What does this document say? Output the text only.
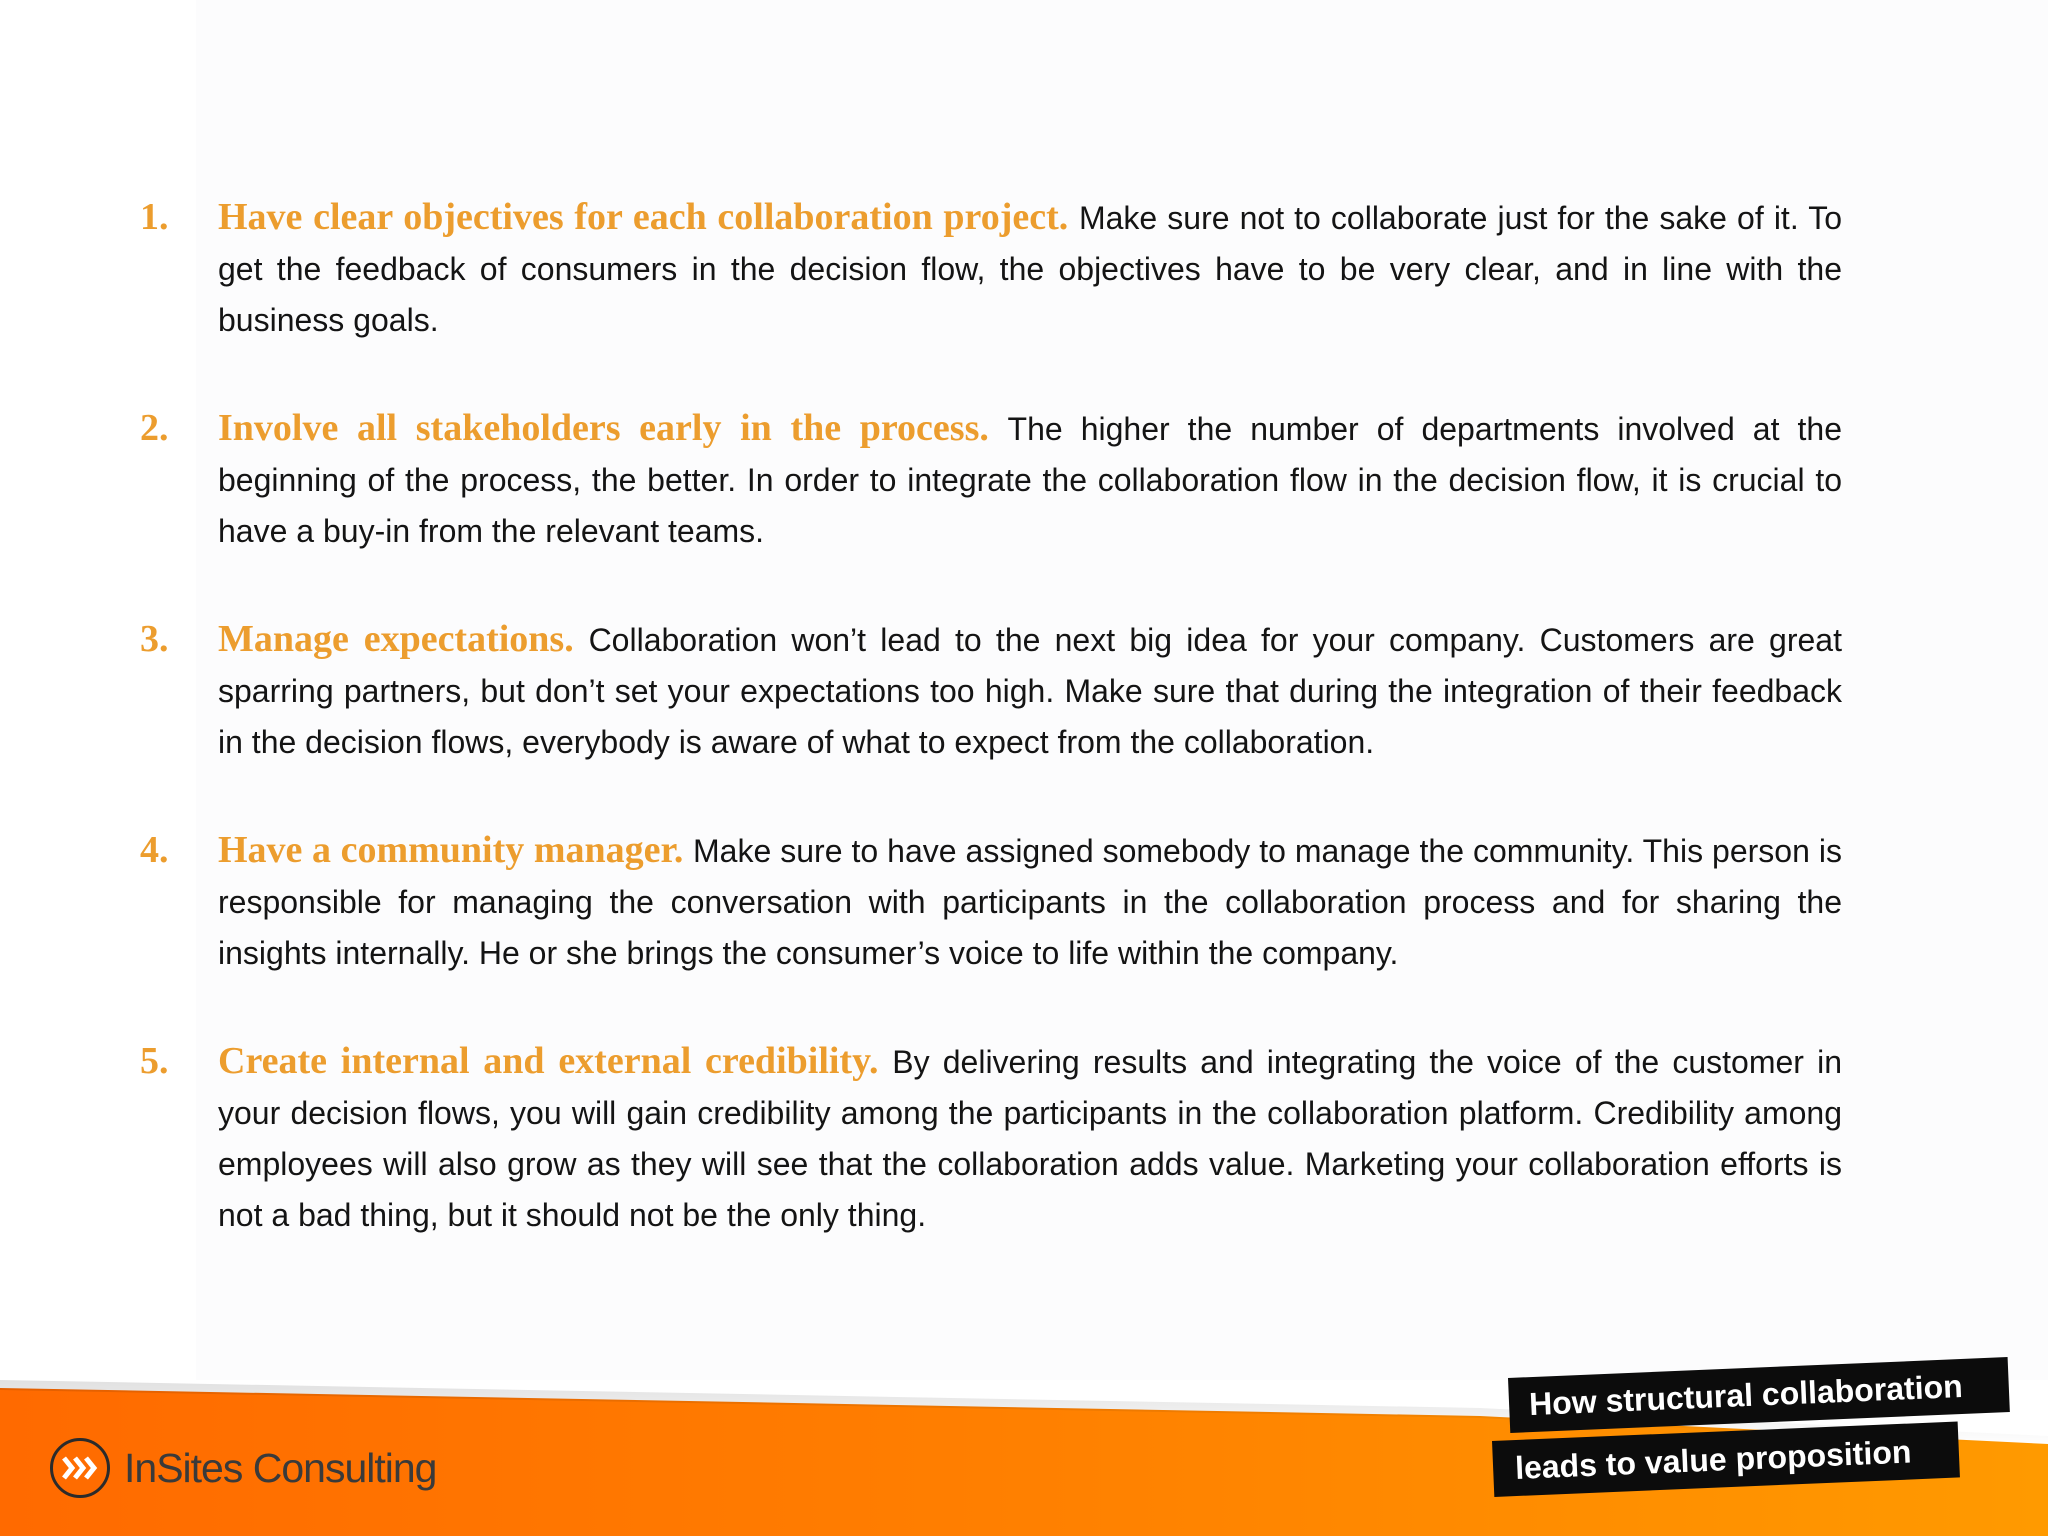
1. Have clear objectives for each collaboration project. Make sure not to collaborate just for the sake of it. To get the feedback of consumers in the decision flow, the objectives have to be very clear, and in line with the business goals.
2. Involve all stakeholders early in the process. The higher the number of departments involved at the beginning of the process, the better. In order to integrate the collaboration flow in the decision flow, it is crucial to have a buy-in from the relevant teams.
3. Manage expectations. Collaboration won’t lead to the next big idea for your company. Customers are great sparring partners, but don’t set your expectations too high. Make sure that during the integration of their feedback in the decision flows, everybody is aware of what to expect from the collaboration.
4. Have a community manager. Make sure to have assigned somebody to manage the community. This person is responsible for managing the conversation with participants in the collaboration process and for sharing the insights internally. He or she brings the consumer’s voice to life within the company.
5. Create internal and external credibility. By delivering results and integrating the voice of the customer in your decision flows, you will gain credibility among the participants in the collaboration platform. Credibility among employees will also grow as they will see that the collaboration adds value. Marketing your collaboration efforts is not a bad thing, but it should not be the only thing.
InSites Consulting
How structural collaboration
leads to value proposition
